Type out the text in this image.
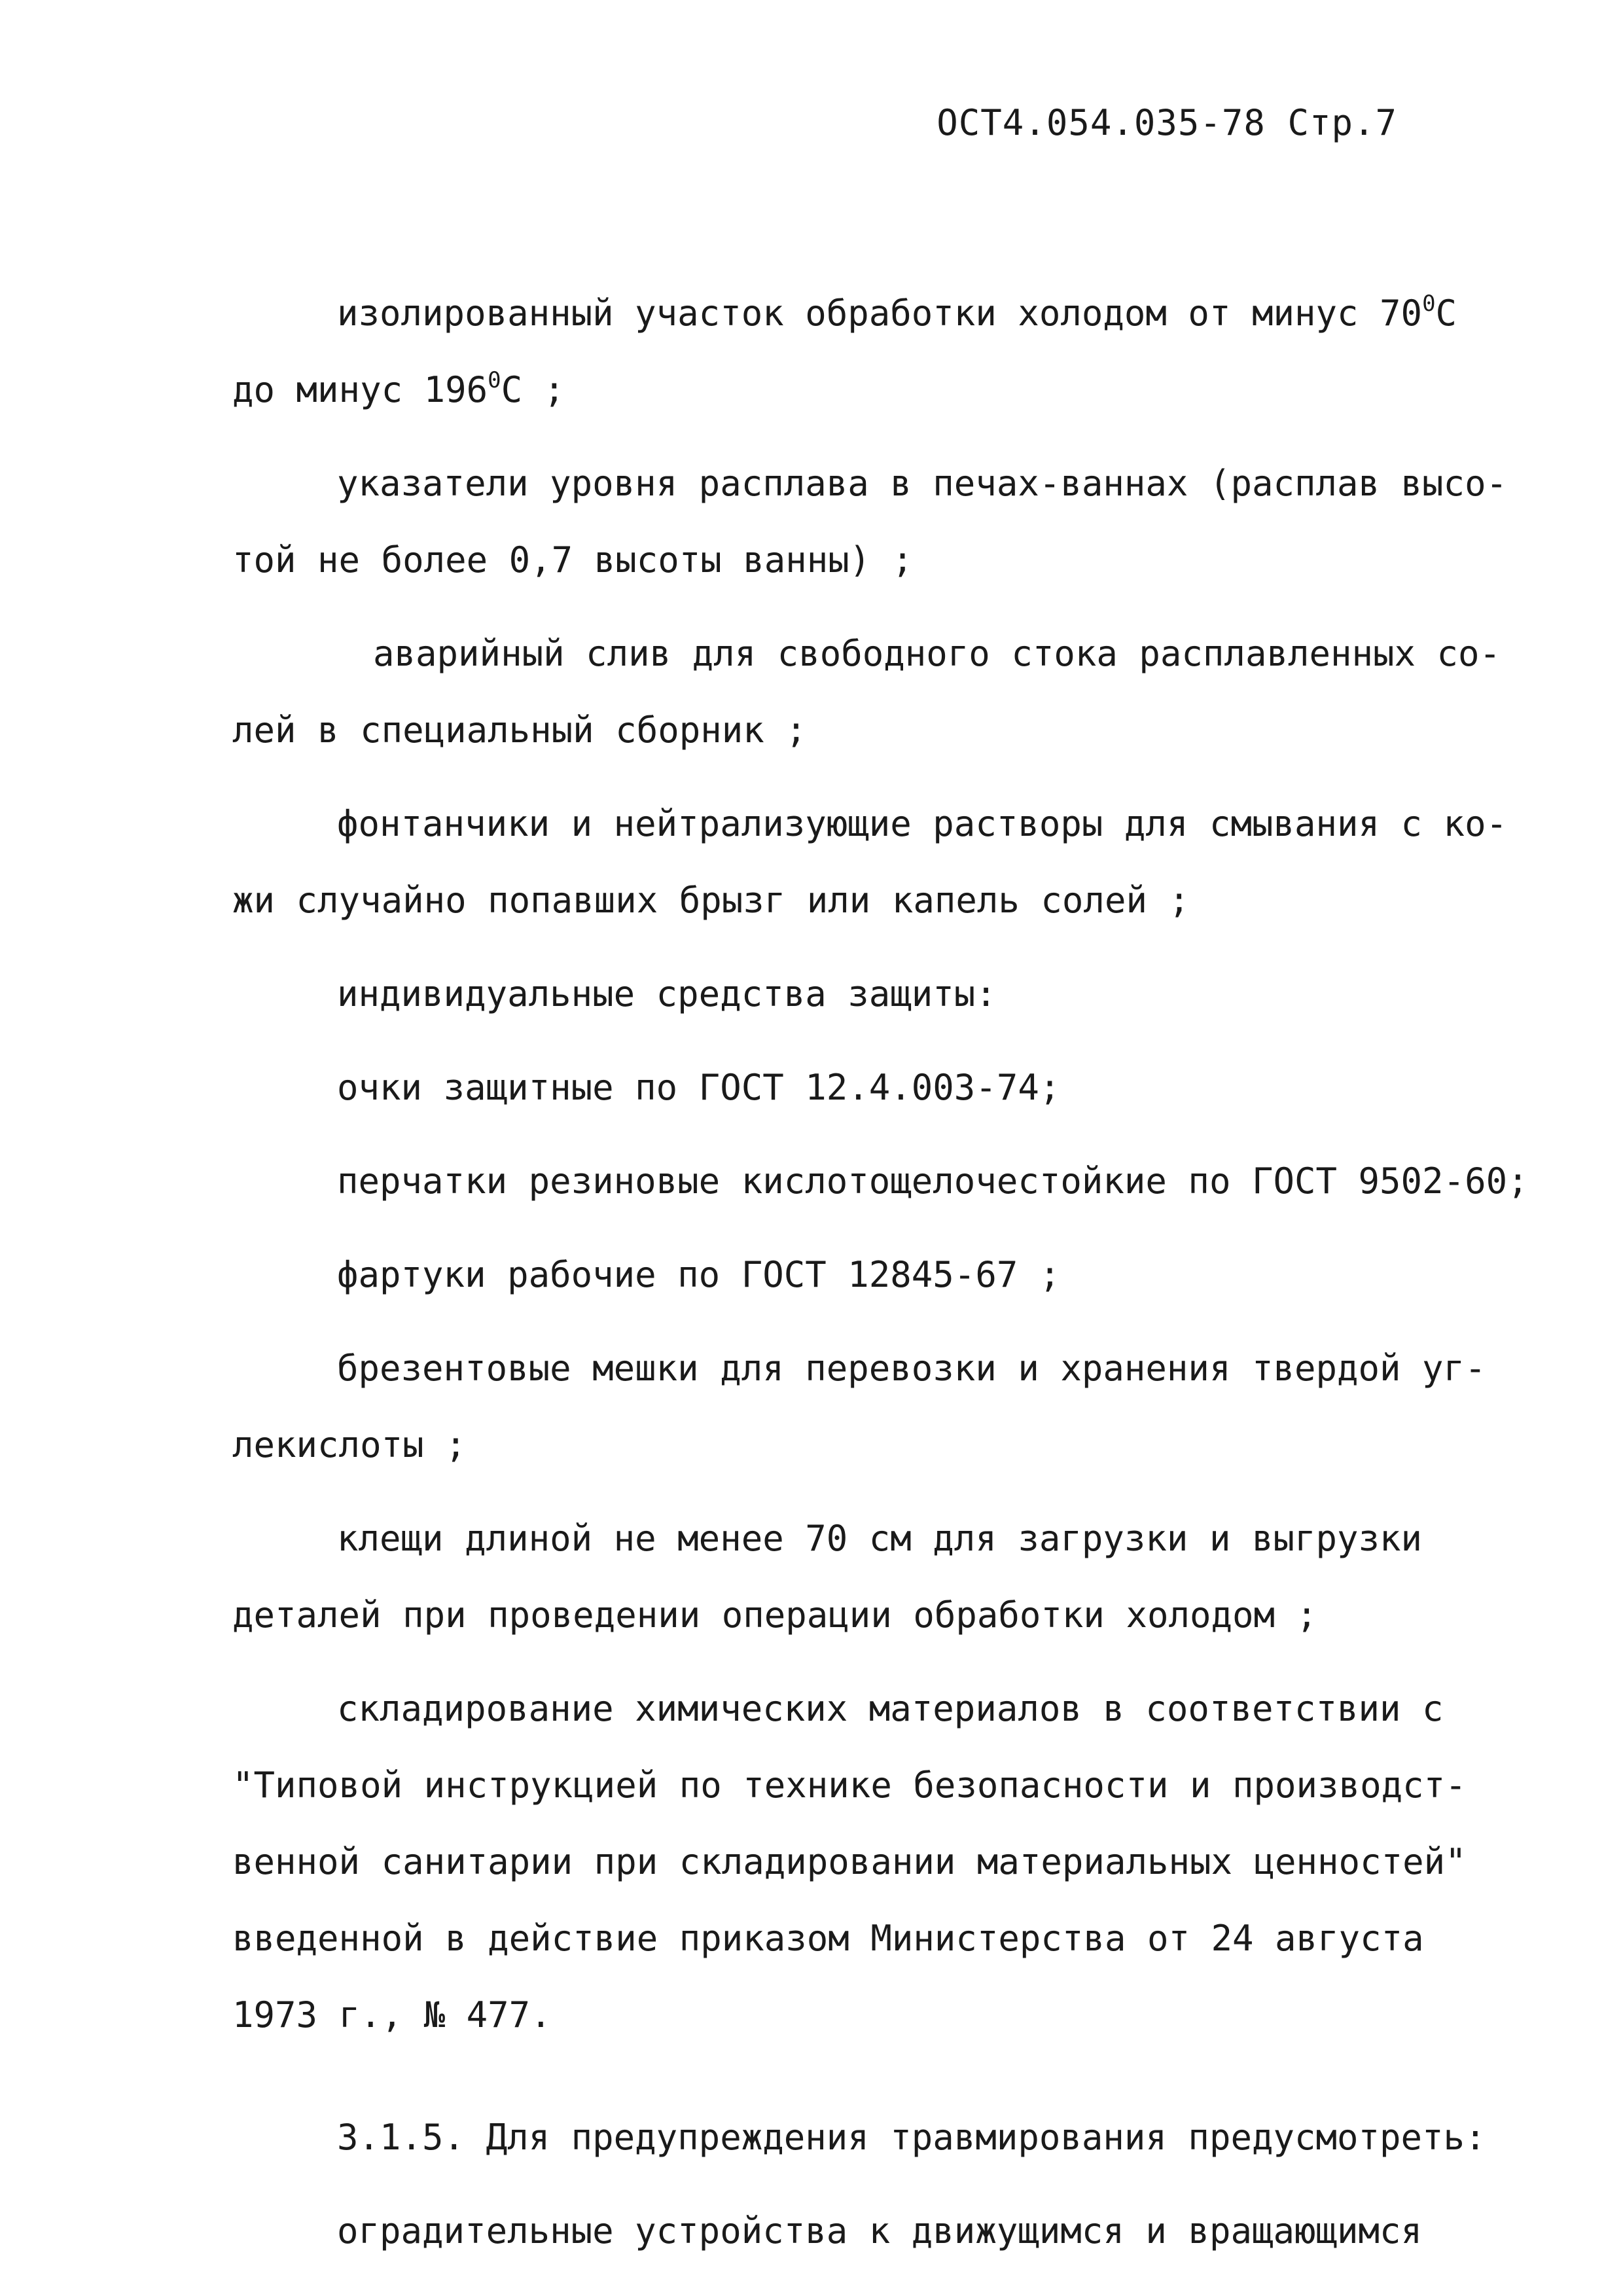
ОСТ4.054.035-78 Стр.7
изолированный участок обработки холодом от минус $70^0С$
до минус $196^0С$ ;
указатели уровня расплава в печах-ваннах (расплав высо-
той не более 0,7 высоты ванны) ;
аварийный слив для свободного стока расплавленных со-
лей в специальный сборник ;
фонтанчики и нейтрализующие растворы для смывания с ко-
жи случайно попавших брызг или капель солей ;
индивидуальные средства защиты:
очки защитные по ГОСТ 12.4.003-74;
перчатки резиновые кислотощелочестойкие по ГОСТ 9502-60;
фартуки рабочие по ГОСТ 12845-67 ;
брезентовые мешки для перевозки и хранения твердой уг-
лекислоты ;
клещи длиной не менее 70 см для загрузки и выгрузки
деталей при проведении операции обработки холодом ;
складирование химических материалов в соответствии с
"Типовой инструкцией по технике безопасности и производст-
венной санитарии при складировании материальных ценностей"
введенной в действие приказом Министерства от 24 августа
1973 г., № 477.
3.1.5. Для предупреждения травмирования предусмотреть:
оградительные устройства к движущимся и вращающимся
